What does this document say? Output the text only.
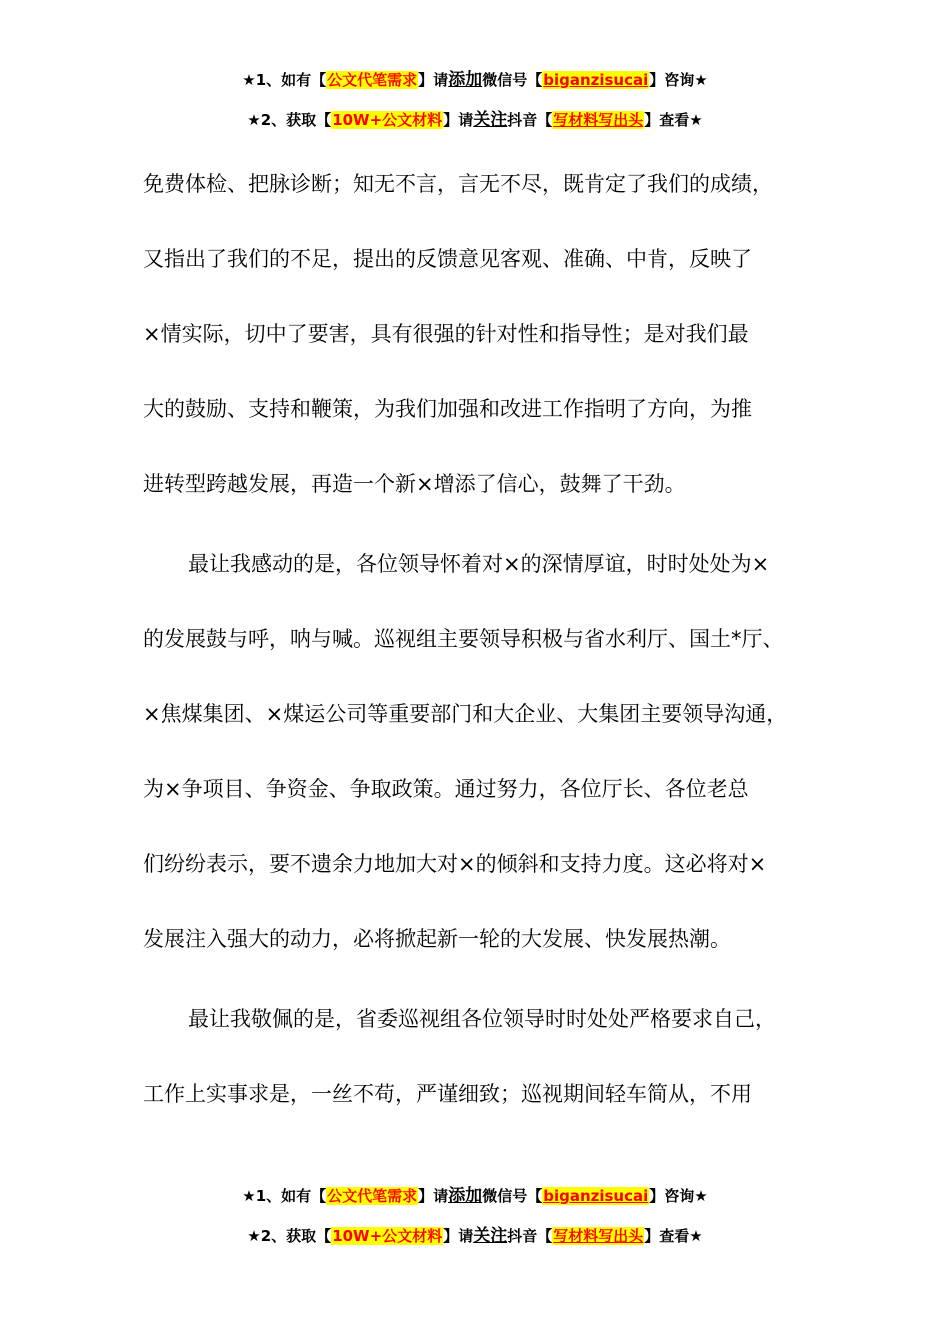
★1、如有【公文代笔需求】请添加微信号【biganzisucai】咨询★
★2、获取【10W+公文材料】请关注抖音【写材料写出头】查看★
免费体检、把脉诊断；知无不言，言无不尽，既肯定了我们的成绩，
又指出了我们的不足，提出的反馈意见客观、准确、中肯，反映了
×情实际，切中了要害，具有很强的针对性和指导性；是对我们最
大的鼓励、支持和鞭策，为我们加强和改进工作指明了方向，为推
进转型跨越发展，再造一个新×增添了信心，鼓舞了干劲。
最让我感动的是，各位领导怀着对×的深情厚谊，时时处处为×
的发展鼓与呼，呐与喊。巡视组主要领导积极与省水利厅、国土*厅、
×焦煤集团、×煤运公司等重要部门和大企业、大集团主要领导沟通，
为×争项目、争资金、争取政策。通过努力，各位厅长、各位老总
们纷纷表示，要不遗余力地加大对×的倾斜和支持力度。这必将对×
发展注入强大的动力，必将掀起新一轮的大发展、快发展热潮。
最让我敬佩的是，省委巡视组各位领导时时处处严格要求自己，
工作上实事求是，一丝不苟，严谨细致；巡视期间轻车简从，不用
★1、如有【公文代笔需求】请添加微信号【biganzisucai】咨询★
★2、获取【10W+公文材料】请关注抖音【写材料写出头】查看★
